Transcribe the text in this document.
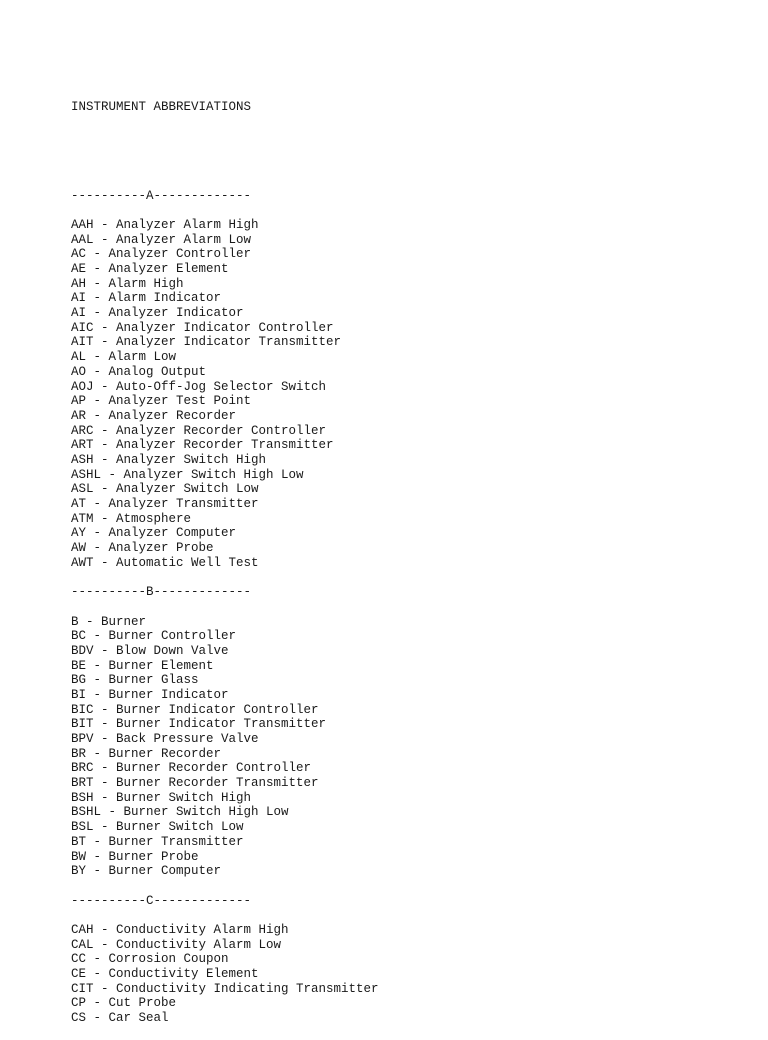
INSTRUMENT ABBREVIATIONS

----------A-------------
AAH - Analyzer Alarm High
AAL - Analyzer Alarm Low
AC - Analyzer Controller
AE - Analyzer Element
AH - Alarm High
AI - Alarm Indicator
AI - Analyzer Indicator
AIC - Analyzer Indicator Controller
AIT - Analyzer Indicator Transmitter
AL - Alarm Low
AO - Analog Output
AOJ - Auto-Off-Jog Selector Switch
AP - Analyzer Test Point
AR - Analyzer Recorder
ARC - Analyzer Recorder Controller
ART - Analyzer Recorder Transmitter
ASH - Analyzer Switch High
ASHL - Analyzer Switch High Low
ASL - Analyzer Switch Low
AT - Analyzer Transmitter
ATM - Atmosphere
AY - Analyzer Computer
AW - Analyzer Probe
AWT - Automatic Well Test
----------B-------------
B - Burner
BC - Burner Controller
BDV - Blow Down Valve
BE - Burner Element
BG - Burner Glass
BI - Burner Indicator
BIC - Burner Indicator Controller
BIT - Burner Indicator Transmitter
BPV - Back Pressure Valve
BR - Burner Recorder
BRC - Burner Recorder Controller
BRT - Burner Recorder Transmitter
BSH - Burner Switch High
BSHL - Burner Switch High Low
BSL - Burner Switch Low
BT - Burner Transmitter
BW - Burner Probe
BY - Burner Computer
----------C-------------
CAH - Conductivity Alarm High
CAL - Conductivity Alarm Low
CC - Corrosion Coupon
CE - Conductivity Element
CIT - Conductivity Indicating Transmitter
CP - Cut Probe
CS - Car Seal
